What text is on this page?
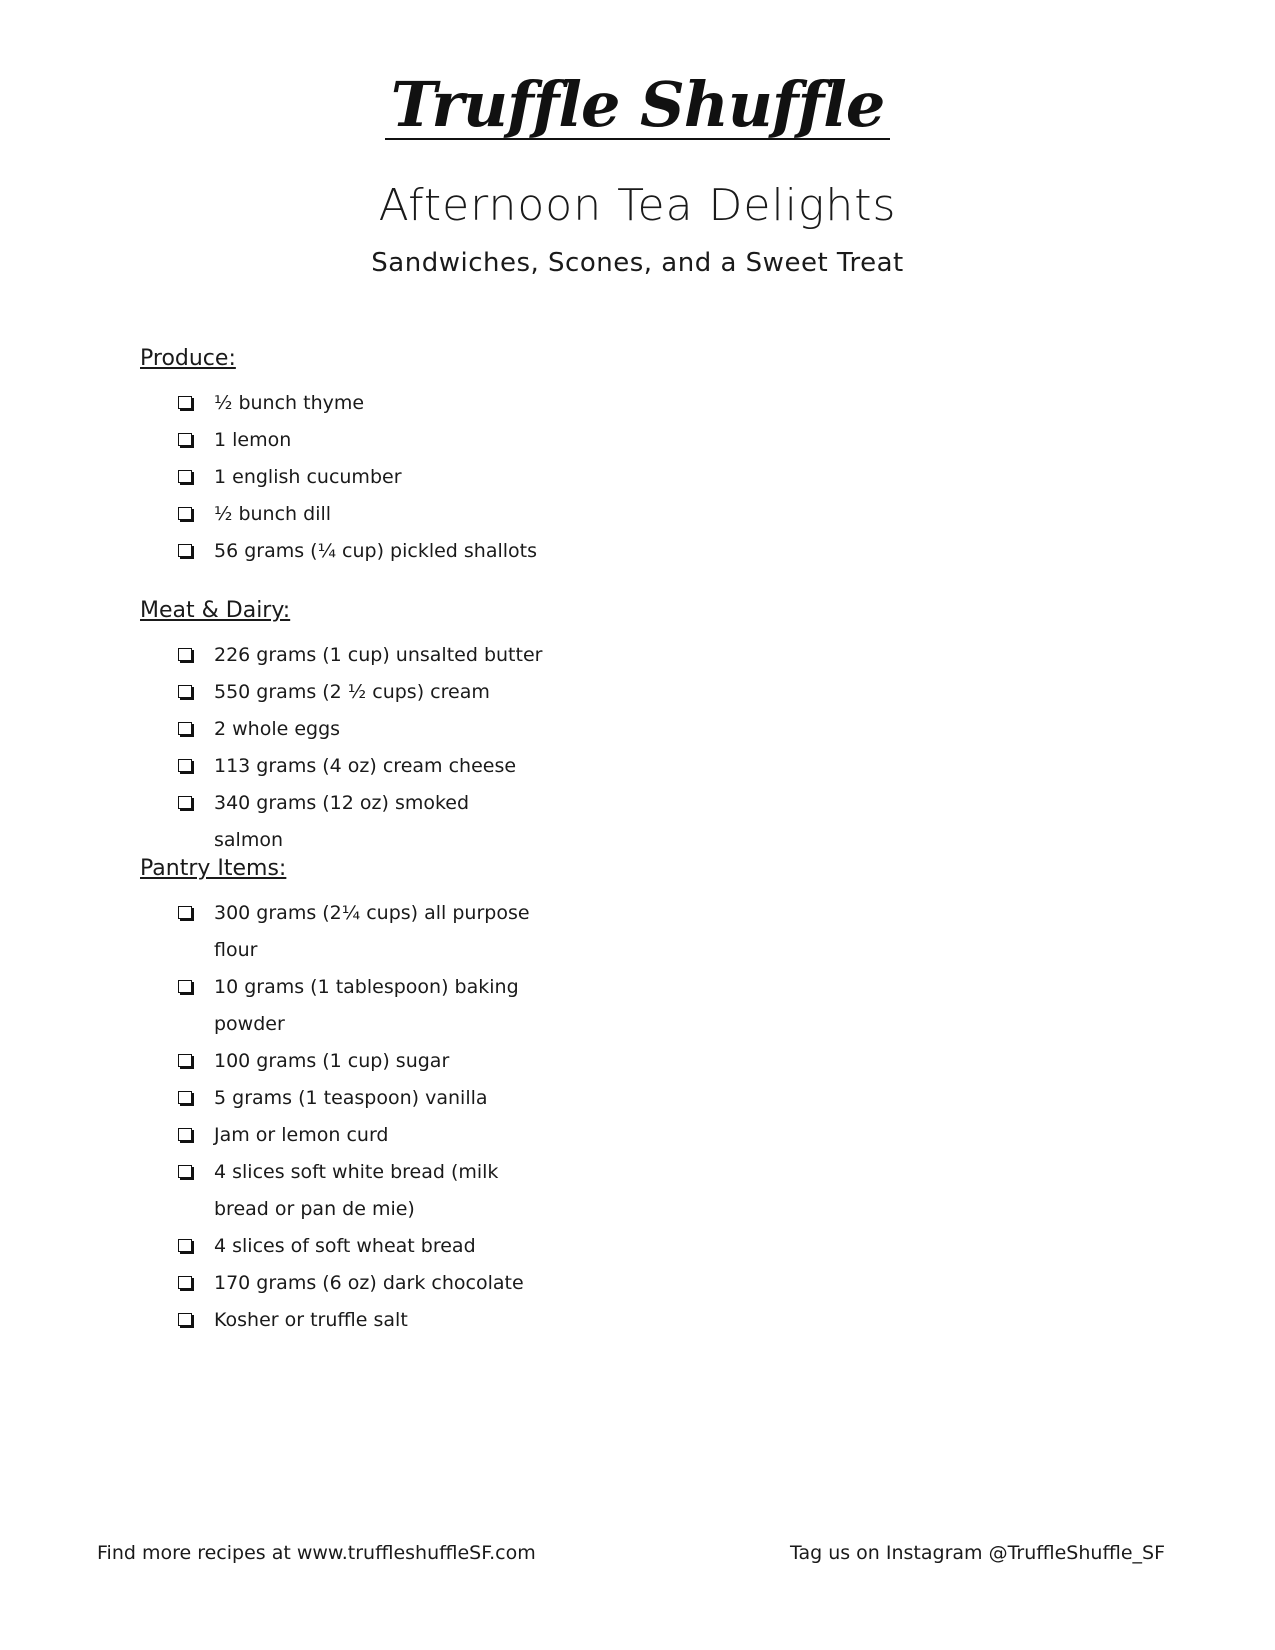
Truffle Shuffle
Afternoon Tea Delights
Sandwiches, Scones, and a Sweet Treat
Produce:
½ bunch thyme
1 lemon
1 english cucumber
½ bunch dill
56 grams (¼ cup) pickled shallots
Meat & Dairy:
226 grams (1 cup) unsalted butter
550 grams (2 ½ cups) cream
2 whole eggs
113 grams (4 oz) cream cheese
340 grams (12 oz) smoked salmon
Pantry Items:
300 grams (2¼ cups) all purpose flour
10 grams (1 tablespoon) baking powder
100 grams (1 cup) sugar
5 grams (1 teaspoon) vanilla
Jam or lemon curd
4 slices soft white bread (milk bread or pan de mie)
4 slices of soft wheat bread
170 grams (6 oz) dark chocolate
Kosher or truffle salt
Find more recipes at www.truffleshuffleSF.com	Tag us on Instagram @TruffleShuffle_SF
